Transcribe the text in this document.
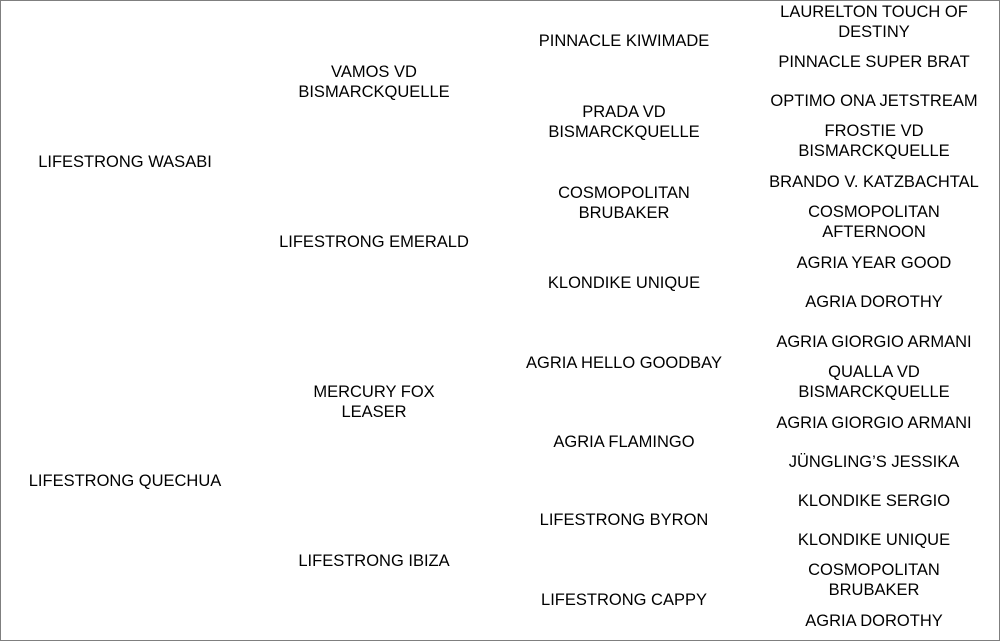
LIFESTRONG WASABI
LIFESTRONG QUECHUA
VAMOS VD BISMARCKQUELLE
LIFESTRONG EMERALD
MERCURY FOX LEASER
LIFESTRONG IBIZA
PINNACLE KIWIMADE
PRADA VD BISMARCKQUELLE
COSMOPOLITAN BRUBAKER
KLONDIKE UNIQUE
AGRIA HELLO GOODBAY
AGRIA FLAMINGO
LIFESTRONG BYRON
LIFESTRONG CAPPY
LAURELTON TOUCH OF DESTINY
PINNACLE SUPER BRAT
OPTIMO ONA JETSTREAM
FROSTIE VD BISMARCKQUELLE
BRANDO V. KATZBACHTAL
COSMOPOLITAN AFTERNOON
AGRIA YEAR GOOD
AGRIA DOROTHY
AGRIA GIORGIO ARMANI
QUALLA VD BISMARCKQUELLE
AGRIA GIORGIO ARMANI
JÜNGLING’S JESSIKA
KLONDIKE SERGIO
KLONDIKE UNIQUE
COSMOPOLITAN BRUBAKER
AGRIA DOROTHY
